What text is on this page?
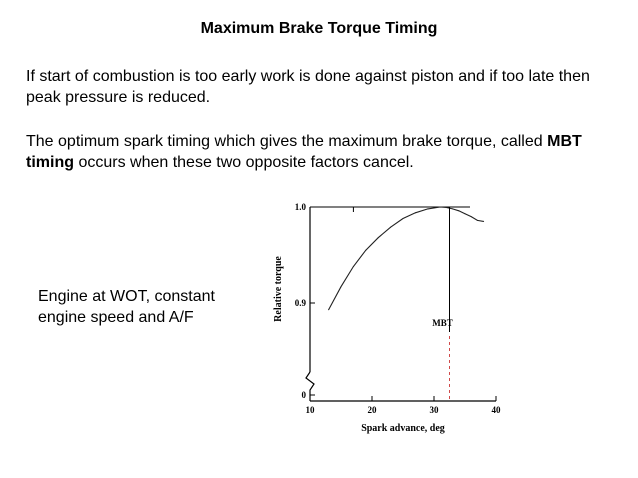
Maximum Brake Torque Timing
If start of combustion is too early work is done against piston and if too late then peak pressure is reduced.
The optimum spark timing which gives the maximum brake torque, called MBT timing occurs when these two opposite factors cancel.
Engine at WOT, constant
engine speed and A/F
10	20	30	40
1.0
0.9
0
Spark advance, deg
Relative torque
MBT
